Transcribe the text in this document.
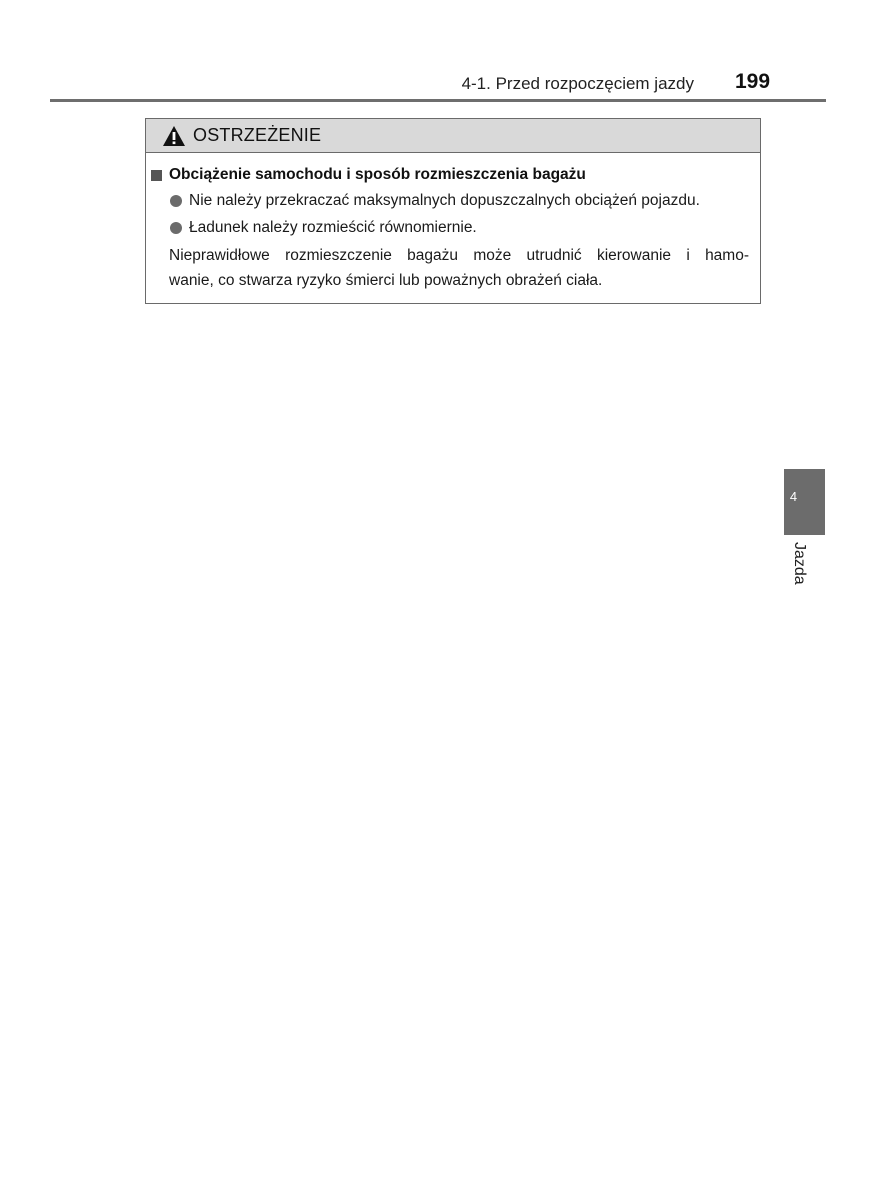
4-1. Przed rozpoczęciem jazdy 199
OSTRZEŻENIE
Obciążenie samochodu i sposób rozmieszczenia bagażu
Nie należy przekraczać maksymalnych dopuszczalnych obciążeń pojazdu.
Ładunek należy rozmieścić równomiernie.
Nieprawidłowe rozmieszczenie bagażu może utrudnić kierowanie i hamo-
wanie, co stwarza ryzyko śmierci lub poważnych obrażeń ciała.
4
Jazda
